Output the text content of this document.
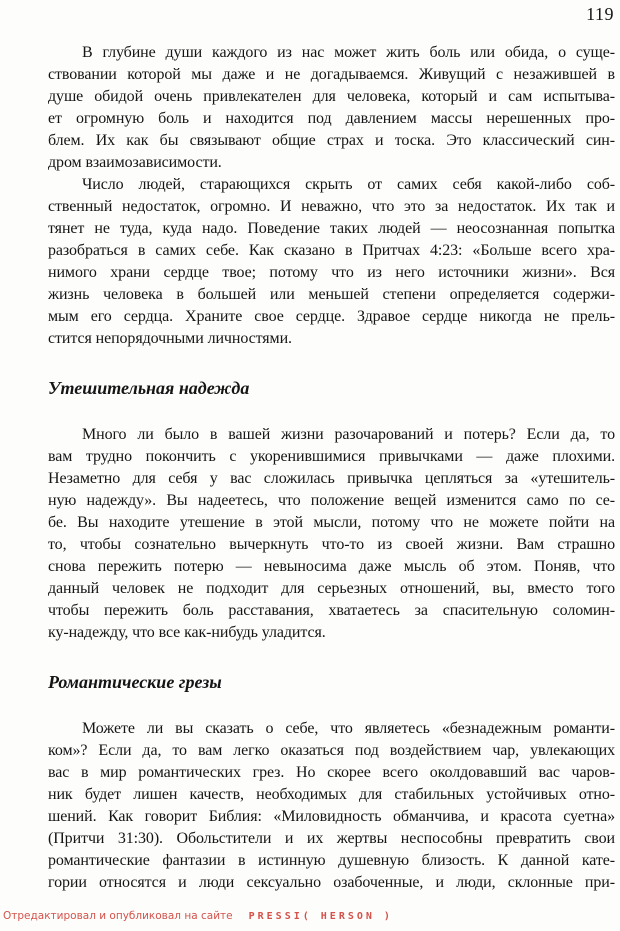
119
В глубине души каждого из нас может жить боль или обида, о суще-
ствовании которой мы даже и не догадываемся. Живущий с незажившей в
душе обидой очень привлекателен для человека, который и сам испытыва-
ет огромную боль и находится под давлением массы нерешенных про-
блем. Их как бы связывают общие страх и тоска. Это классический син-
дром взаимозависимости.
Число людей, старающихся скрыть от самих себя какой-либо соб-
ственный недостаток, огромно. И неважно, что это за недостаток. Их так и
тянет не туда, куда надо. Поведение таких людей — неосознанная попытка
разобраться в самих себе. Как сказано в Притчах 4:23: «Больше всего хра-
нимого храни сердце твое; потому что из него источники жизни». Вся
жизнь человека в большей или меньшей степени определяется содержи-
мым его сердца. Храните свое сердце. Здравое сердце никогда не прель-
стится непорядочными личностями.
Утешительная надежда
Много ли было в вашей жизни разочарований и потерь? Если да, то
вам трудно покончить с укоренившимися привычками — даже плохими.
Незаметно для себя у вас сложилась привычка цепляться за «утешитель-
ную надежду». Вы надеетесь, что положение вещей изменится само по се-
бе. Вы находите утешение в этой мысли, потому что не можете пойти на
то, чтобы сознательно вычеркнуть что-то из своей жизни. Вам страшно
снова пережить потерю — невыносима даже мысль об этом. Поняв, что
данный человек не подходит для серьезных отношений, вы, вместо того
чтобы пережить боль расставания, хватаетесь за спасительную соломин-
ку-надежду, что все как-нибудь уладится.
Романтические грезы
Можете ли вы сказать о себе, что являетесь «безнадежным романти-
ком»? Если да, то вам легко оказаться под воздействием чар, увлекающих
вас в мир романтических грез. Но скорее всего околдовавший вас чаров-
ник будет лишен качеств, необходимых для стабильных устойчивых отно-
шений. Как говорит Библия: «Миловидность обманчива, и красота суетна»
(Притчи 31:30). Обольстители и их жертвы неспособны превратить свои
романтические фантазии в истинную душевную близость. К данной кате-
гории относятся и люди сексуально озабоченные, и люди, склонные при-
Отредактировал и опубликовал на сайте PRESSI( HERSON )
